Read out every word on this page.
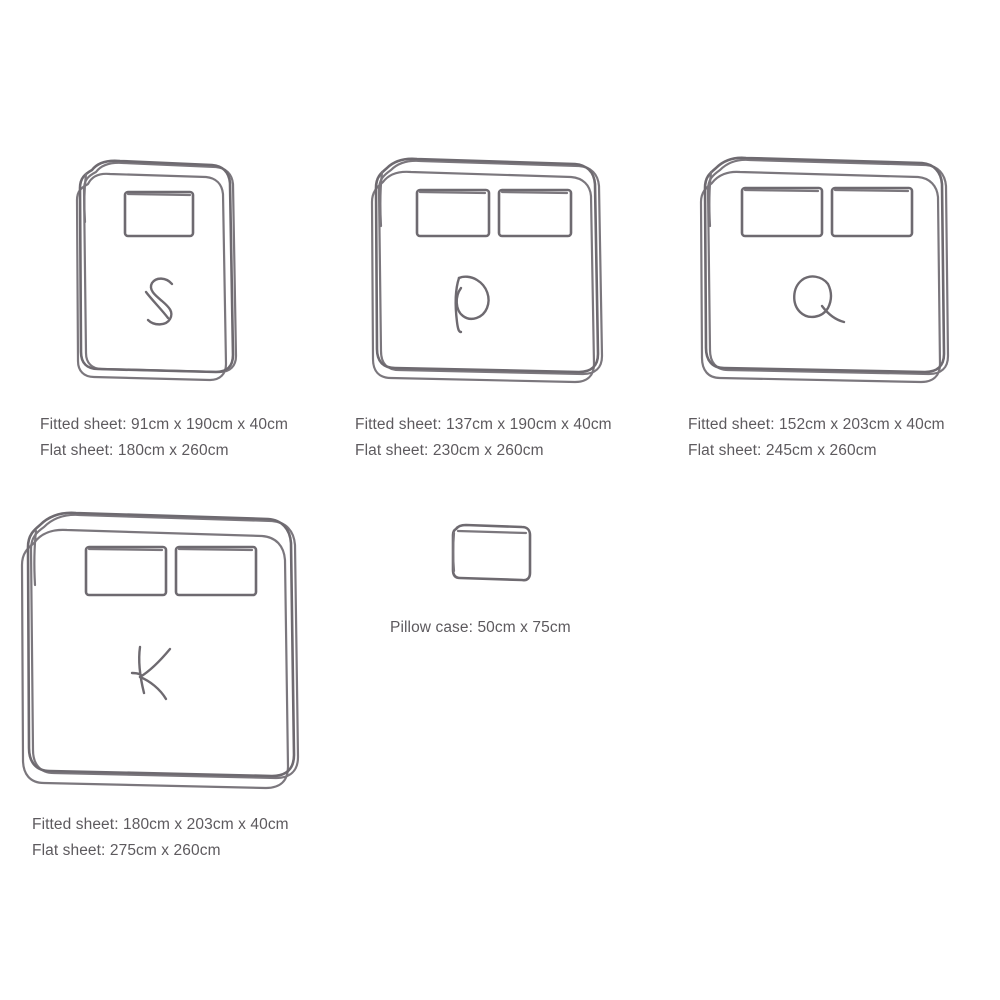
Fitted sheet: 91cm x 190cm x 40cm
Flat sheet: 180cm x 260cm
Fitted sheet: 137cm x 190cm x 40cm
Flat sheet: 230cm x 260cm
Fitted sheet: 152cm x 203cm x 40cm
Flat sheet: 245cm x 260cm
Fitted sheet: 180cm x 203cm x 40cm
Flat sheet: 275cm x 260cm
Pillow case: 50cm x 75cm
